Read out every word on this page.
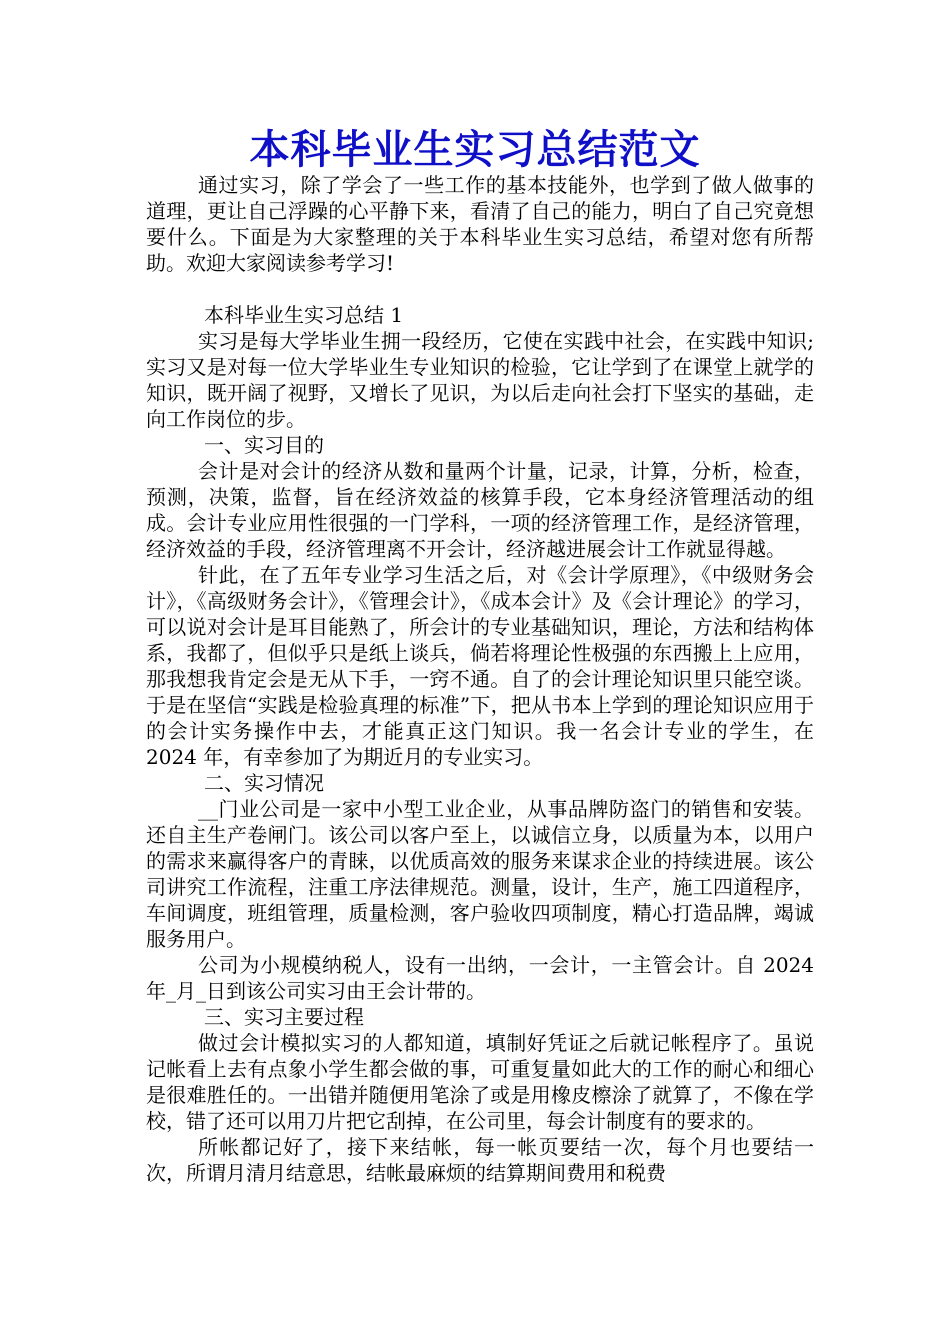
本科毕业生实习总结范文

通过实习，除了学会了一些工作的基本技能外，也学到了做人做事的道理，更让自己浮躁的心平静下来，看清了自己的能力，明白了自己究竟想要什么。下面是为大家整理的关于本科毕业生实习总结，希望对您有所帮助。欢迎大家阅读参考学习!

本科毕业生实习总结 1

实习是每大学毕业生拥一段经历，它使在实践中社会，在实践中知识;实习又是对每一位大学毕业生专业知识的检验，它让学到了在课堂上就学的知识，既开阔了视野，又增长了见识，为以后走向社会打下坚实的基础，走向工作岗位的步。

一、实习目的

会计是对会计的经济从数和量两个计量，记录，计算，分析，检查，预测，决策，监督，旨在经济效益的核算手段，它本身经济管理活动的组成。会计专业应用性很强的一门学科，一项的经济管理工作，是经济管理，经济效益的手段，经济管理离不开会计，经济越进展会计工作就显得越。

针此，在了五年专业学习生活之后，对《会计学原理》，《中级财务会计》，《高级财务会计》，《管理会计》，《成本会计》及《会计理论》的学习，可以说对会计是耳目能熟了，所会计的专业基础知识，理论，方法和结构体系，我都了，但似乎只是纸上谈兵，倘若将理论性极强的东西搬上上应用，那我想我肯定会是无从下手，一窍不通。自了的会计理论知识里只能空谈。于是在坚信“实践是检验真理的标准”下，把从书本上学到的理论知识应用于的会计实务操作中去，才能真正这门知识。我一名会计专业的学生，在 2024 年，有幸参加了为期近月的专业实习。

二、实习情况

__门业公司是一家中小型工业企业，从事品牌防盗门的销售和安装。还自主生产卷闸门。该公司以客户至上，以诚信立身，以质量为本，以用户的需求来赢得客户的青睐，以优质高效的服务来谋求企业的持续进展。该公司讲究工作流程，注重工序法律规范。测量，设计，生产，施工四道程序，车间调度，班组管理，质量检测，客户验收四项制度，精心打造品牌，竭诚服务用户。

公司为小规模纳税人，设有一出纳，一会计，一主管会计。自 2024 年_月_日到该公司实习由王会计带的。

三、实习主要过程

做过会计模拟实习的人都知道，填制好凭证之后就记帐程序了。虽说记帐看上去有点象小学生都会做的事，可重复量如此大的工作的耐心和细心是很难胜任的。一出错并随便用笔涂了或是用橡皮檫涂了就算了，不像在学校，错了还可以用刀片把它刮掉，在公司里，每会计制度有的要求的。

所帐都记好了，接下来结帐，每一帐页要结一次，每个月也要结一次，所谓月清月结意思，结帐最麻烦的结算期间费用和税费
